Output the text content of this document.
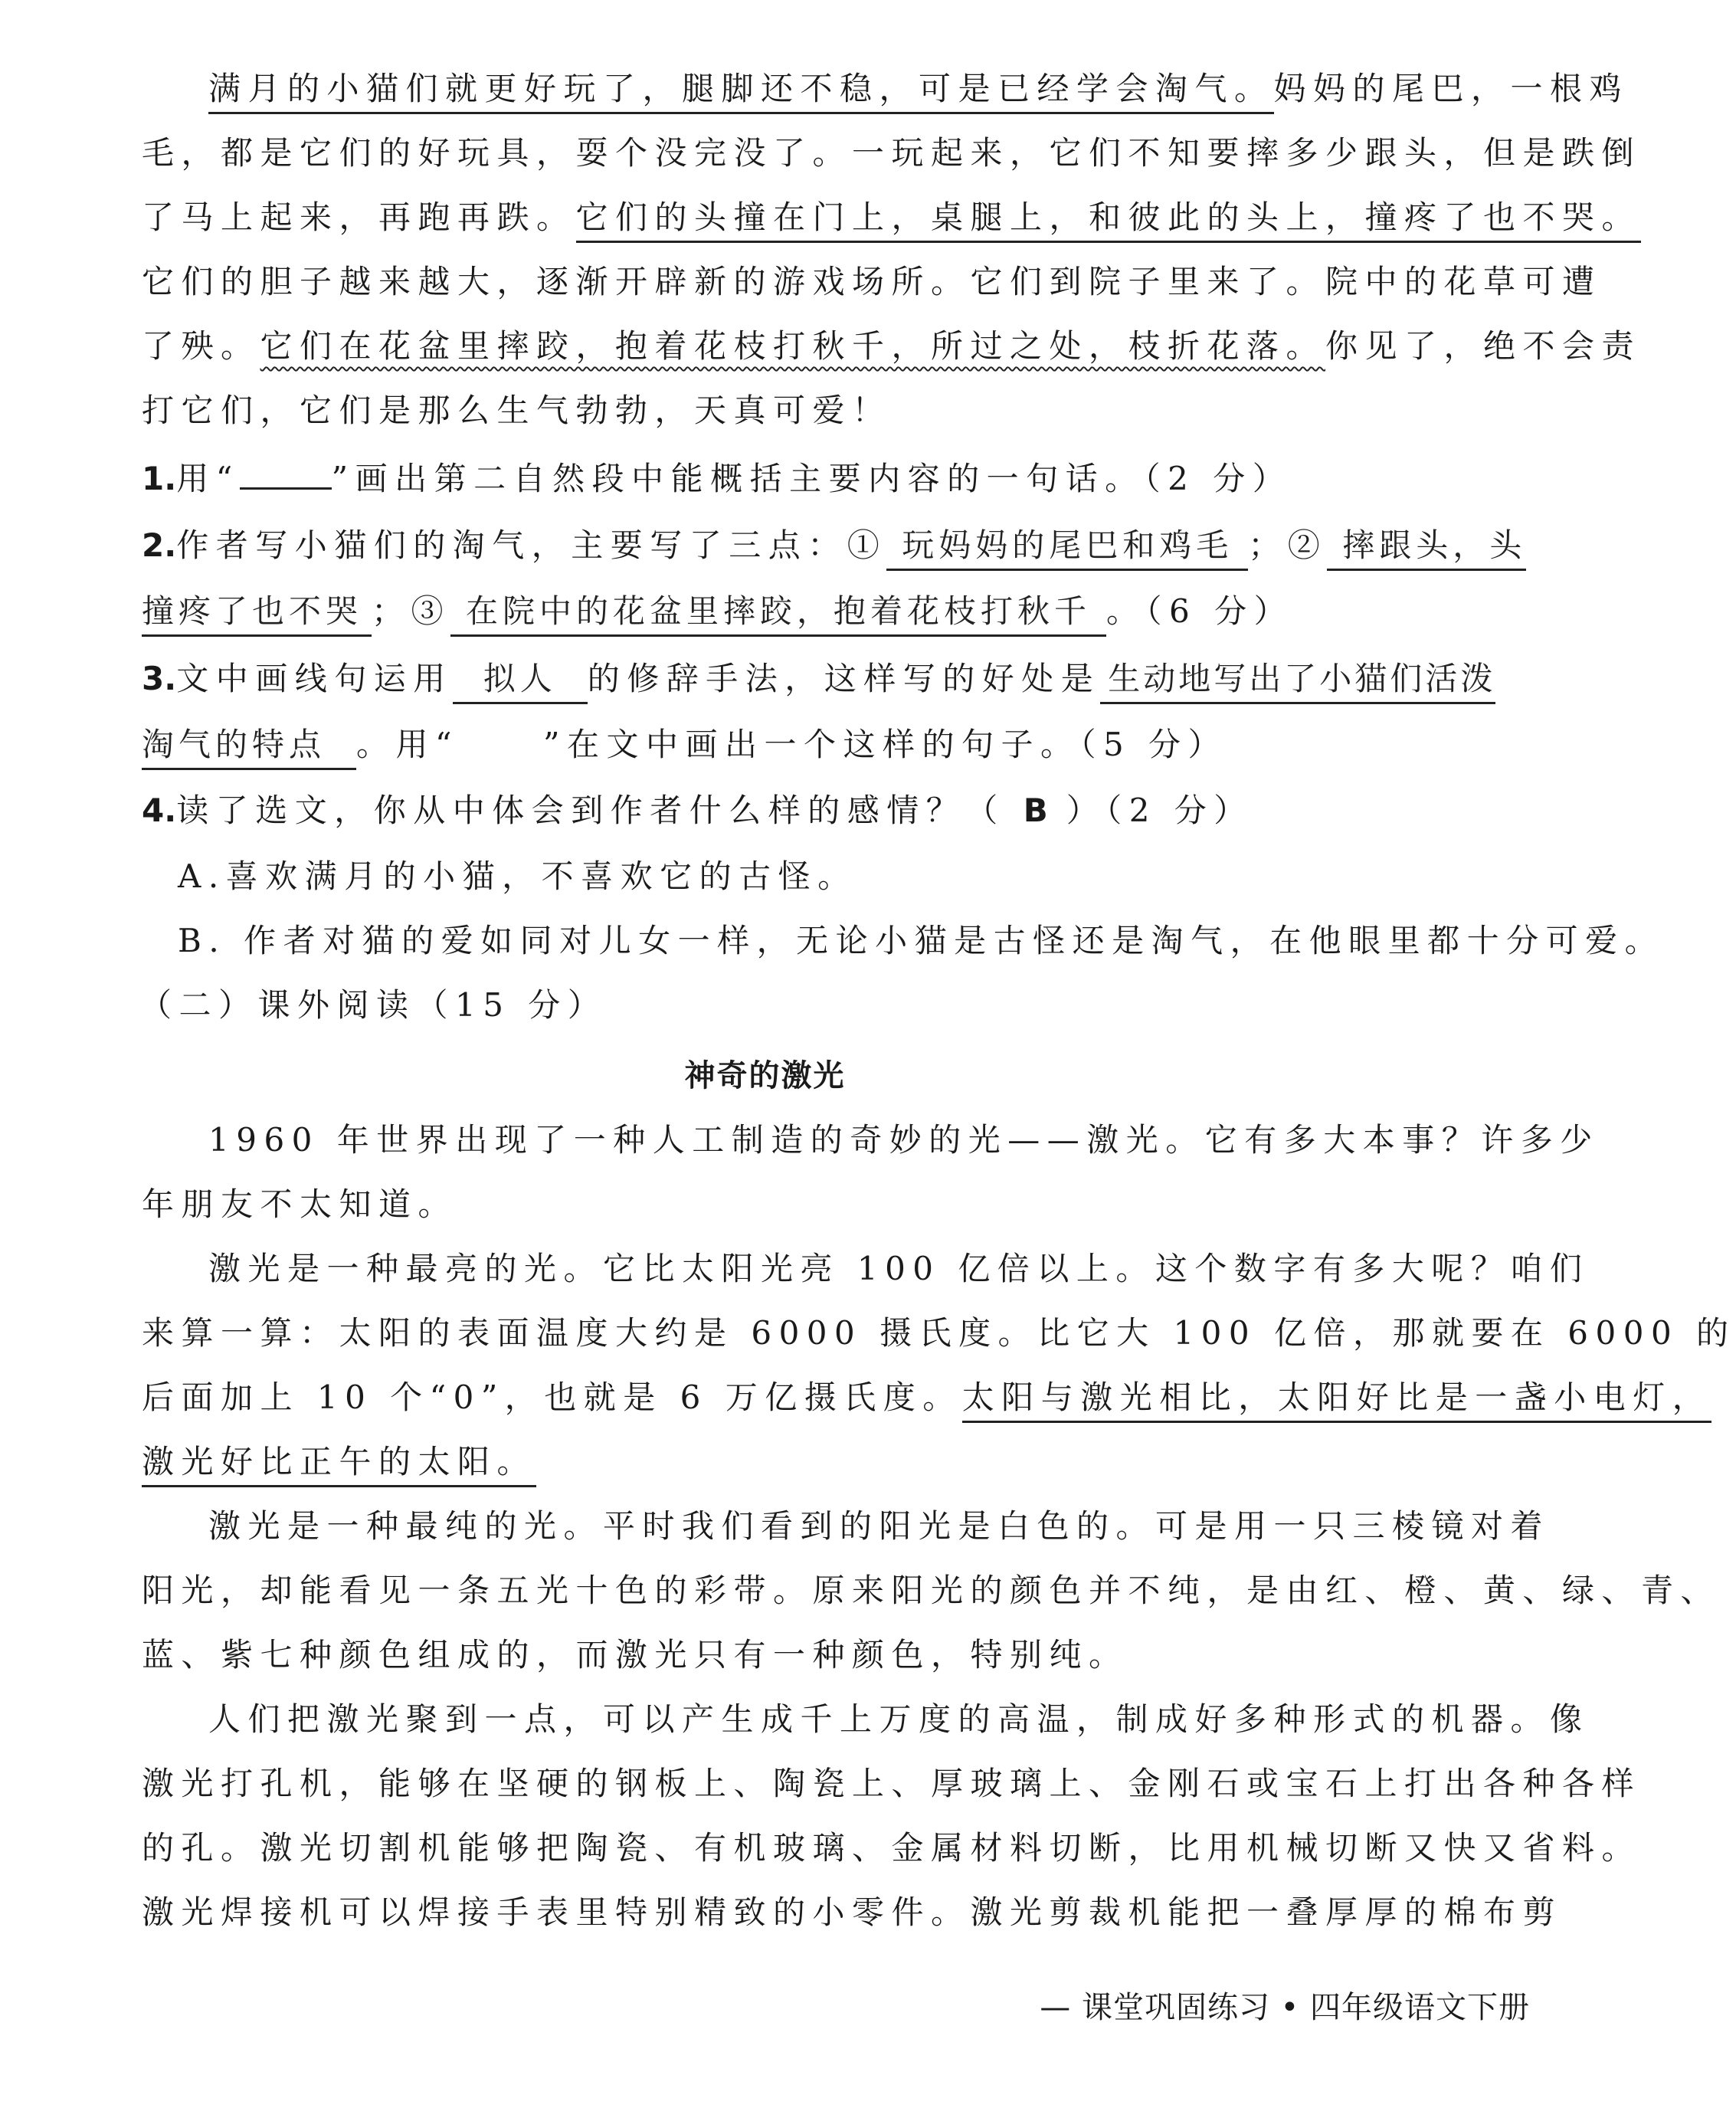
满月的小猫们就更好玩了，腿脚还不稳，可是已经学会淘气。妈妈的尾巴，一根鸡
毛，都是它们的好玩具，耍个没完没了。一玩起来，它们不知要摔多少跟头，但是跌倒
了马上起来，再跑再跌。它们的头撞在门上，桌腿上，和彼此的头上，撞疼了也不哭。
它们的胆子越来越大，逐渐开辟新的游戏场所。它们到院子里来了。院中的花草可遭
了殃。它们在花盆里摔跤，抱着花枝打秋千，所过之处，枝折花落。你见了，绝不会责
打它们，它们是那么生气勃勃，天真可爱！
1.用“	”画出第二自然段中能概括主要内容的一句话。（2 分）
2.作者写小猫们的淘气，主要写了三点：① 玩妈妈的尾巴和鸡毛 ；② 摔跟头，头
撞疼了也不哭 ；③ 在院中的花盆里摔跤，抱着花枝打秋千 。（6 分）
3.文中画线句运用 拟人 的修辞手法，这样写的好处是 生动地写出了小猫们活泼
淘气的特点 。用“	”在文中画出一个这样的句子。（5 分）
4.读了选文，你从中体会到作者什么样的感情？（ B ）（2 分）
A.喜欢满月的小猫，不喜欢它的古怪。
B. 作者对猫的爱如同对儿女一样，无论小猫是古怪还是淘气，在他眼里都十分可爱。
（二）课外阅读（15 分）
神奇的激光
1960 年世界出现了一种人工制造的奇妙的光——激光。它有多大本事？许多少
年朋友不太知道。
激光是一种最亮的光。它比太阳光亮 100 亿倍以上。这个数字有多大呢？咱们
来算一算：太阳的表面温度大约是 6000 摄氏度。比它大 100 亿倍，那就要在 6000 的
后面加上 10 个“0”，也就是 6 万亿摄氏度。太阳与激光相比，太阳好比是一盏小电灯，
激光好比正午的太阳。
激光是一种最纯的光。平时我们看到的阳光是白色的。可是用一只三棱镜对着
阳光，却能看见一条五光十色的彩带。原来阳光的颜色并不纯，是由红、橙、黄、绿、青、
蓝、紫七种颜色组成的，而激光只有一种颜色，特别纯。
人们把激光聚到一点，可以产生成千上万度的高温，制成好多种形式的机器。像
激光打孔机，能够在坚硬的钢板上、陶瓷上、厚玻璃上、金刚石或宝石上打出各种各样
的孔。激光切割机能够把陶瓷、有机玻璃、金属材料切断，比用机械切断又快又省料。
激光焊接机可以焊接手表里特别精致的小零件。激光剪裁机能把一叠厚厚的棉布剪
— 课堂巩固练习 • 四年级语文下册
